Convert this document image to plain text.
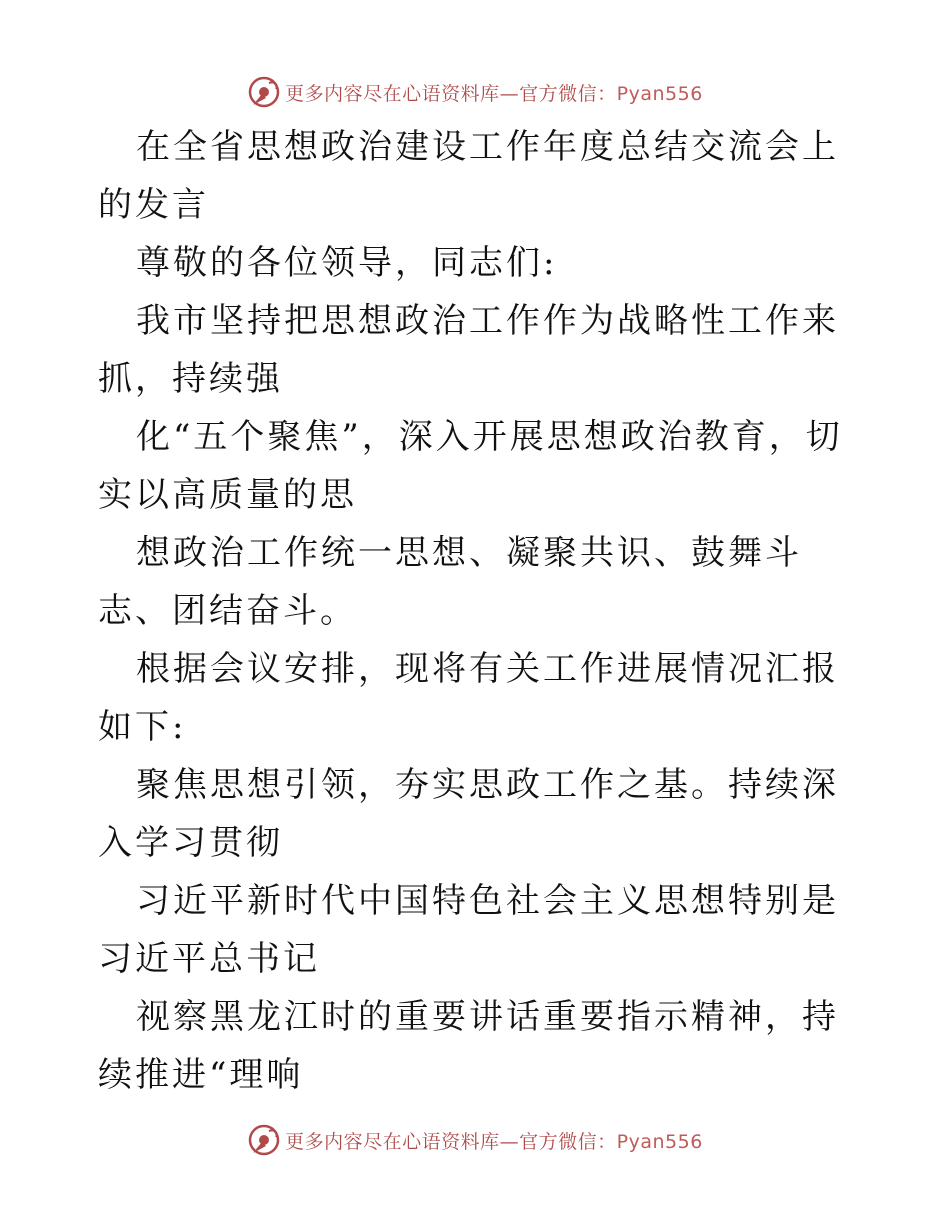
更多内容尽在心语资料库—官方微信：Pyan556

在全省思想政治建设工作年度总结交流会上的发言

尊敬的各位领导，同志们:

我市坚持把思想政治工作作为战略性工作来抓，持续强

化“五个聚焦”，深入开展思想政治教育，切实以高质量的思

想政治工作统一思想、凝聚共识、鼓舞斗志、团结奋斗。

根据会议安排，现将有关工作进展情况汇报如下:

聚焦思想引领，夯实思政工作之基。持续深入学习贯彻

习近平新时代中国特色社会主义思想特别是习近平总书记

视察黑龙江时的重要讲话重要指示精神，持续推进“理响

更多内容尽在心语资料库—官方微信：Pyan556
